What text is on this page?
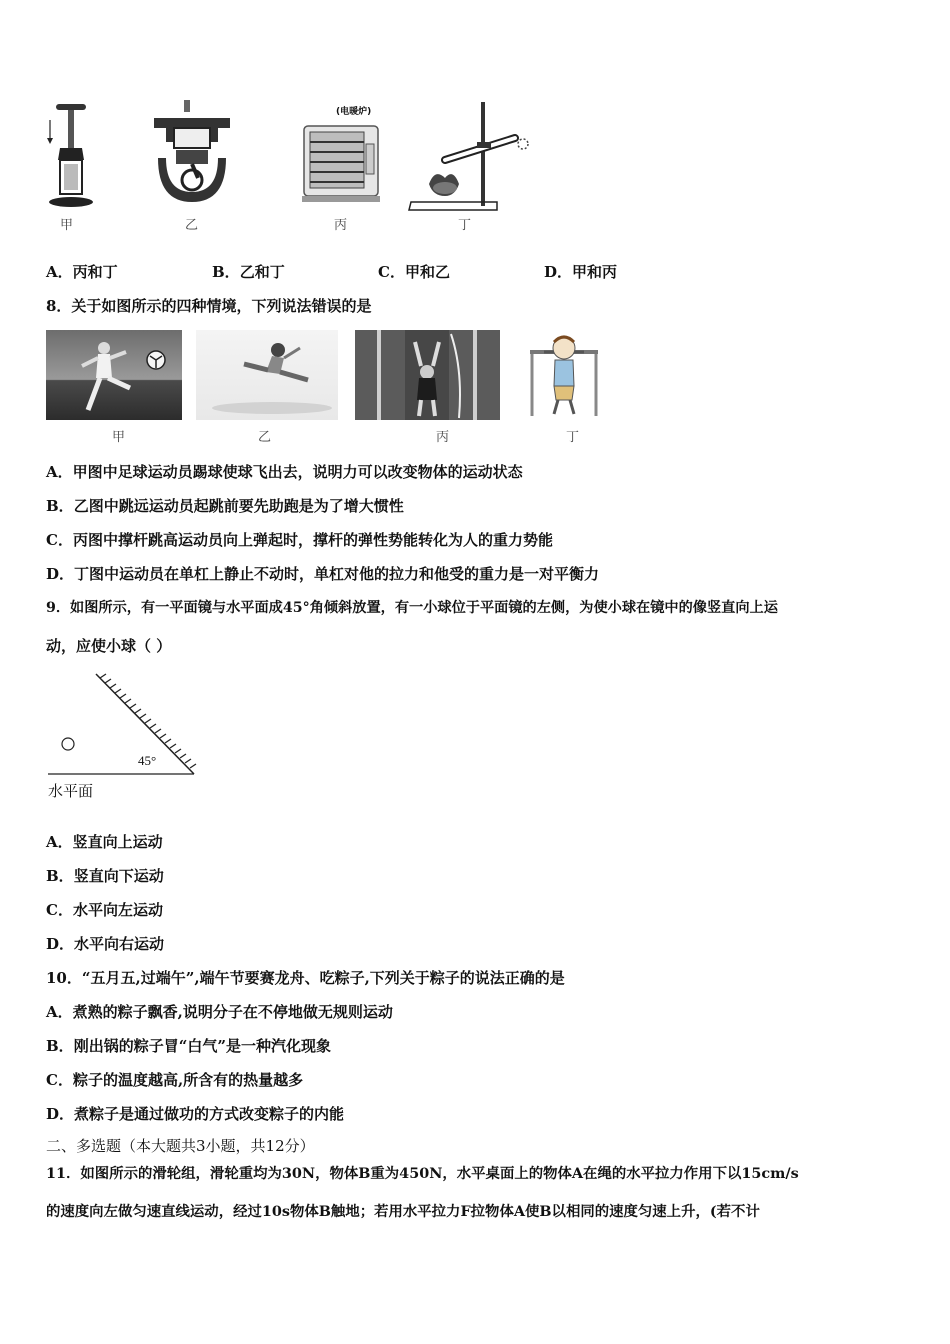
甲	乙
(电暖炉)
丙	丁
A．丙和丁	B．乙和丁	C．甲和乙	D．甲和丙
8．关于如图所示的四种情境，下列说法错误的是
甲	乙	丙	丁
A．甲图中足球运动员踢球使球飞出去，说明力可以改变物体的运动状态
B．乙图中跳远运动员起跳前要先助跑是为了增大惯性
C．丙图中撑杆跳高运动员向上弹起时，撑杆的弹性势能转化为人的重力势能
D．丁图中运动员在单杠上静止不动时，单杠对他的拉力和他受的重力是一对平衡力
9．如图所示，有一平面镜与水平面成45°角倾斜放置，有一小球位于平面镜的左侧，为使小球在镜中的像竖直向上运
动，应使小球（ ）
45°
水平面
A．竖直向上运动
B．竖直向下运动
C．水平向左运动
D．水平向右运动
10．“五月五,过端午”,端午节要赛龙舟、吃粽子,下列关于粽子的说法正确的是
A．煮熟的粽子飘香,说明分子在不停地做无规则运动
B．刚出锅的粽子冒“白气”是一种汽化现象
C．粽子的温度越高,所含有的热量越多
D．煮粽子是通过做功的方式改变粽子的内能
二、多选题（本大题共3小题，共12分）
11．如图所示的滑轮组，滑轮重均为30N，物体B重为450N，水平桌面上的物体A在绳的水平拉力作用下以15cm/s
的速度向左做匀速直线运动，经过10s物体B触地；若用水平拉力F拉物体A使B以相同的速度匀速上升，(若不计
